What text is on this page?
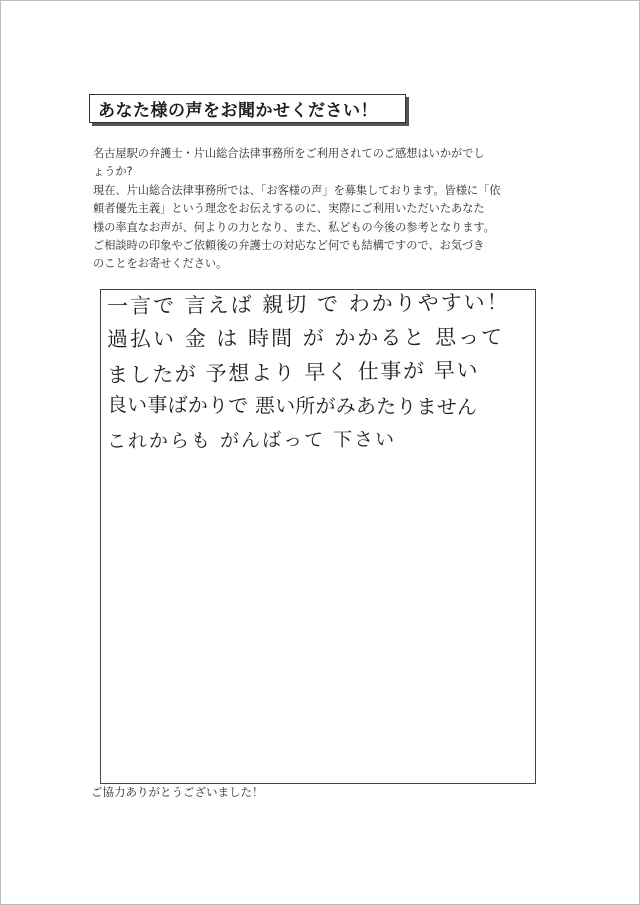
あなた様の声をお聞かせください！

名古屋駅の弁護士・片山総合法律事務所をご利用されてのご感想はいかがでし

ょうか?

現在、片山総合法律事務所では、「お客様の声」を募集しております。皆様に「依

頼者優先主義」という理念をお伝えするのに、実際にご利用いただいたあなた

様の率直なお声が、何よりの力となり、また、私どもの今後の参考となります。

ご相談時の印象やご依頼後の弁護士の対応など何でも結構ですので、お気づき

のことをお寄せください。

一言で 言えば 親切 で わかりやすい！
過払い 金 は 時間 が かかると 思って
ましたが 予想より 早く 仕事が 早い
良い事ばかりで 悪い所がみあたりません
これからも がんばって 下さい
ご協力ありがとうございました！
